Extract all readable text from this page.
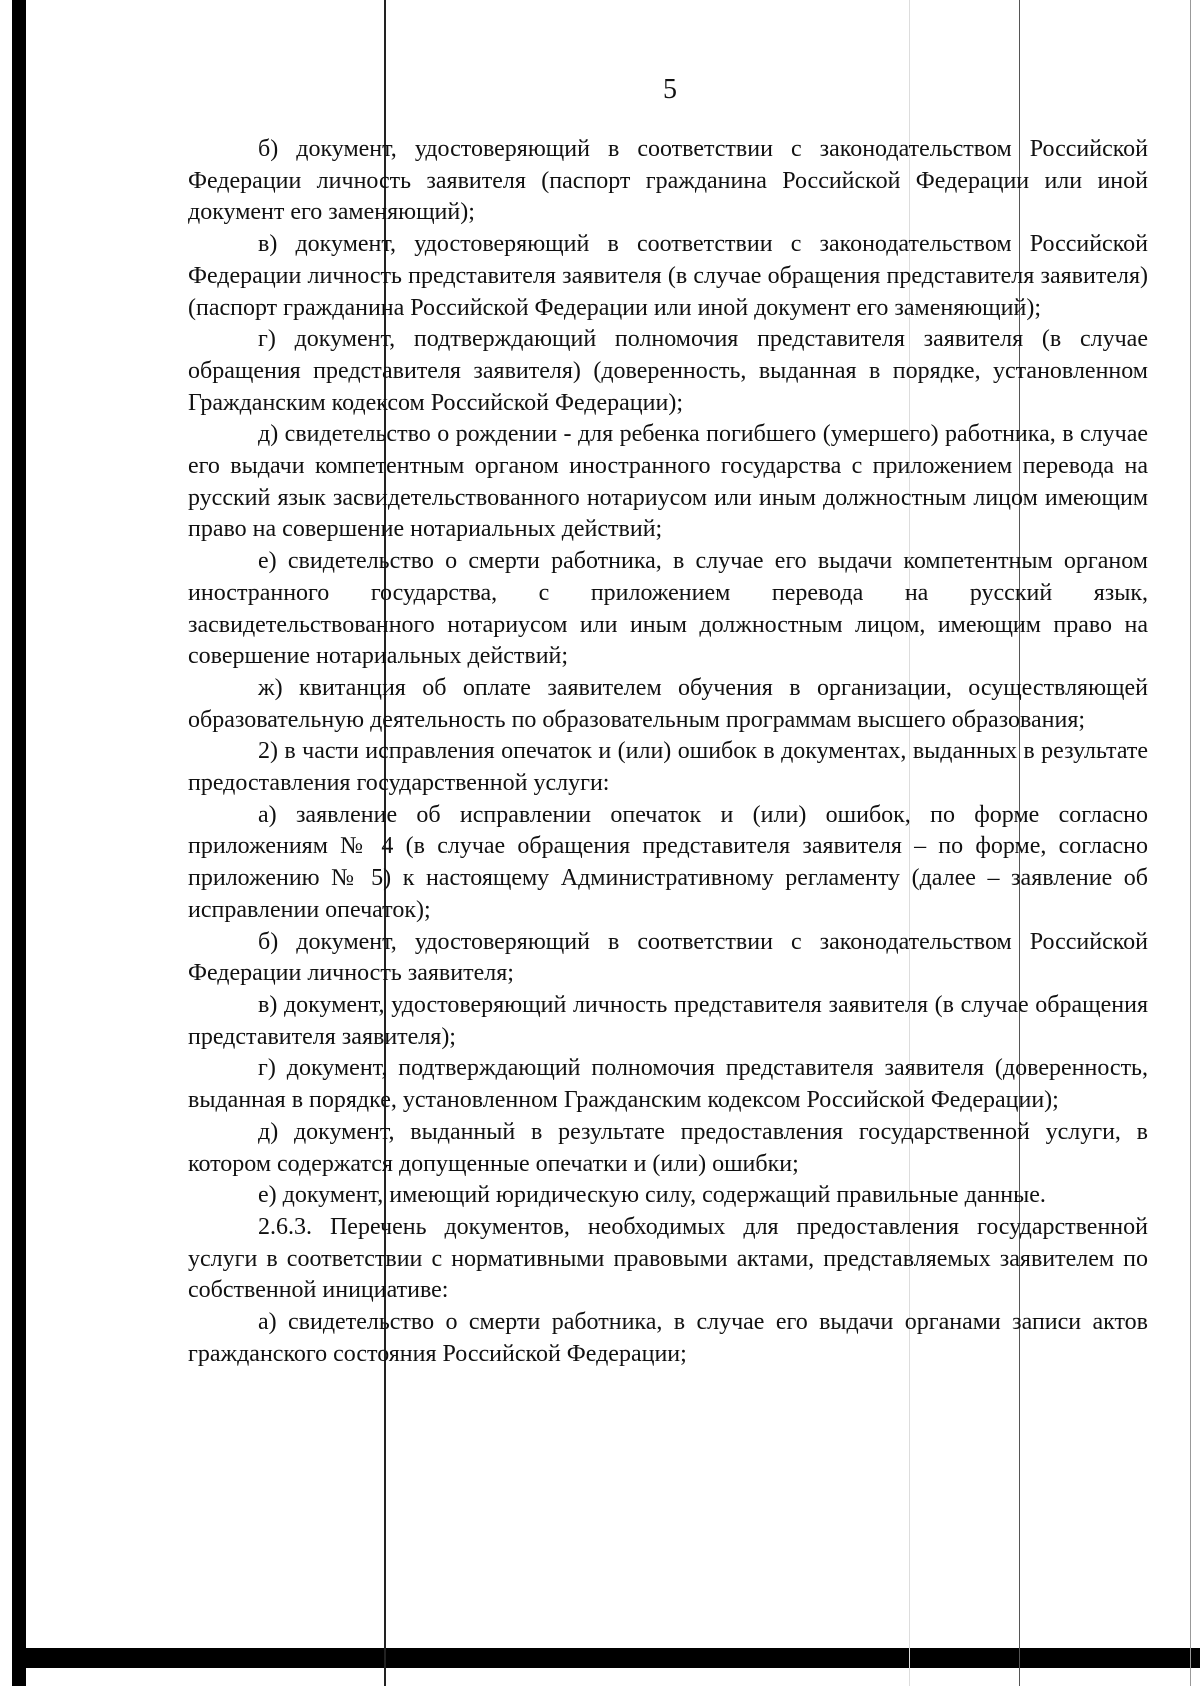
5

б) документ, удостоверяющий в соответствии с законодательством Российской Федерации личность заявителя (паспорт гражданина Российской Федерации или иной документ его заменяющий);

в) документ, удостоверяющий в соответствии с законодательством Российской Федерации личность представителя заявителя (в случае обращения представителя заявителя) (паспорт гражданина Российской Федерации или иной документ его заменяющий);

г) документ, подтверждающий полномочия представителя заявителя (в случае обращения представителя заявителя) (доверенность, выданная в порядке, установленном Гражданским кодексом Российской Федерации);

д) свидетельство о рождении - для ребенка погибшего (умершего) работника, в случае его выдачи компетентным органом иностранного государства с приложением перевода на русский язык засвидетельствованного нотариусом или иным должностным лицом имеющим право на совершение нотариальных действий;

е) свидетельство о смерти работника, в случае его выдачи компетентным органом иностранного государства, с приложением перевода на русский язык, засвидетельствованного нотариусом или иным должностным лицом, имеющим право на совершение нотариальных действий;

ж) квитанция об оплате заявителем обучения в организации, осуществляющей образовательную деятельность по образовательным программам высшего образования;

2) в части исправления опечаток и (или) ошибок в документах, выданных в результате предоставления государственной услуги:

а) заявление об исправлении опечаток и (или) ошибок, по форме согласно приложениям № 4 (в случае обращения представителя заявителя – по форме, согласно приложению № 5) к настоящему Административному регламенту (далее – заявление об исправлении опечаток);

б) документ, удостоверяющий в соответствии с законодательством Российской Федерации личность заявителя;

в) документ, удостоверяющий личность представителя заявителя (в случае обращения представителя заявителя);

г) документ, подтверждающий полномочия представителя заявителя (доверенность, выданная в порядке, установленном Гражданским кодексом Российской Федерации);

д) документ, выданный в результате предоставления государственной услуги, в котором содержатся допущенные опечатки и (или) ошибки;

е) документ, имеющий юридическую силу, содержащий правильные данные.

2.6.3. Перечень документов, необходимых для предоставления государственной услуги в соответствии с нормативными правовыми актами, представляемых заявителем по собственной инициативе:

а) свидетельство о смерти работника, в случае его выдачи органами записи актов гражданского состояния Российской Федерации;
